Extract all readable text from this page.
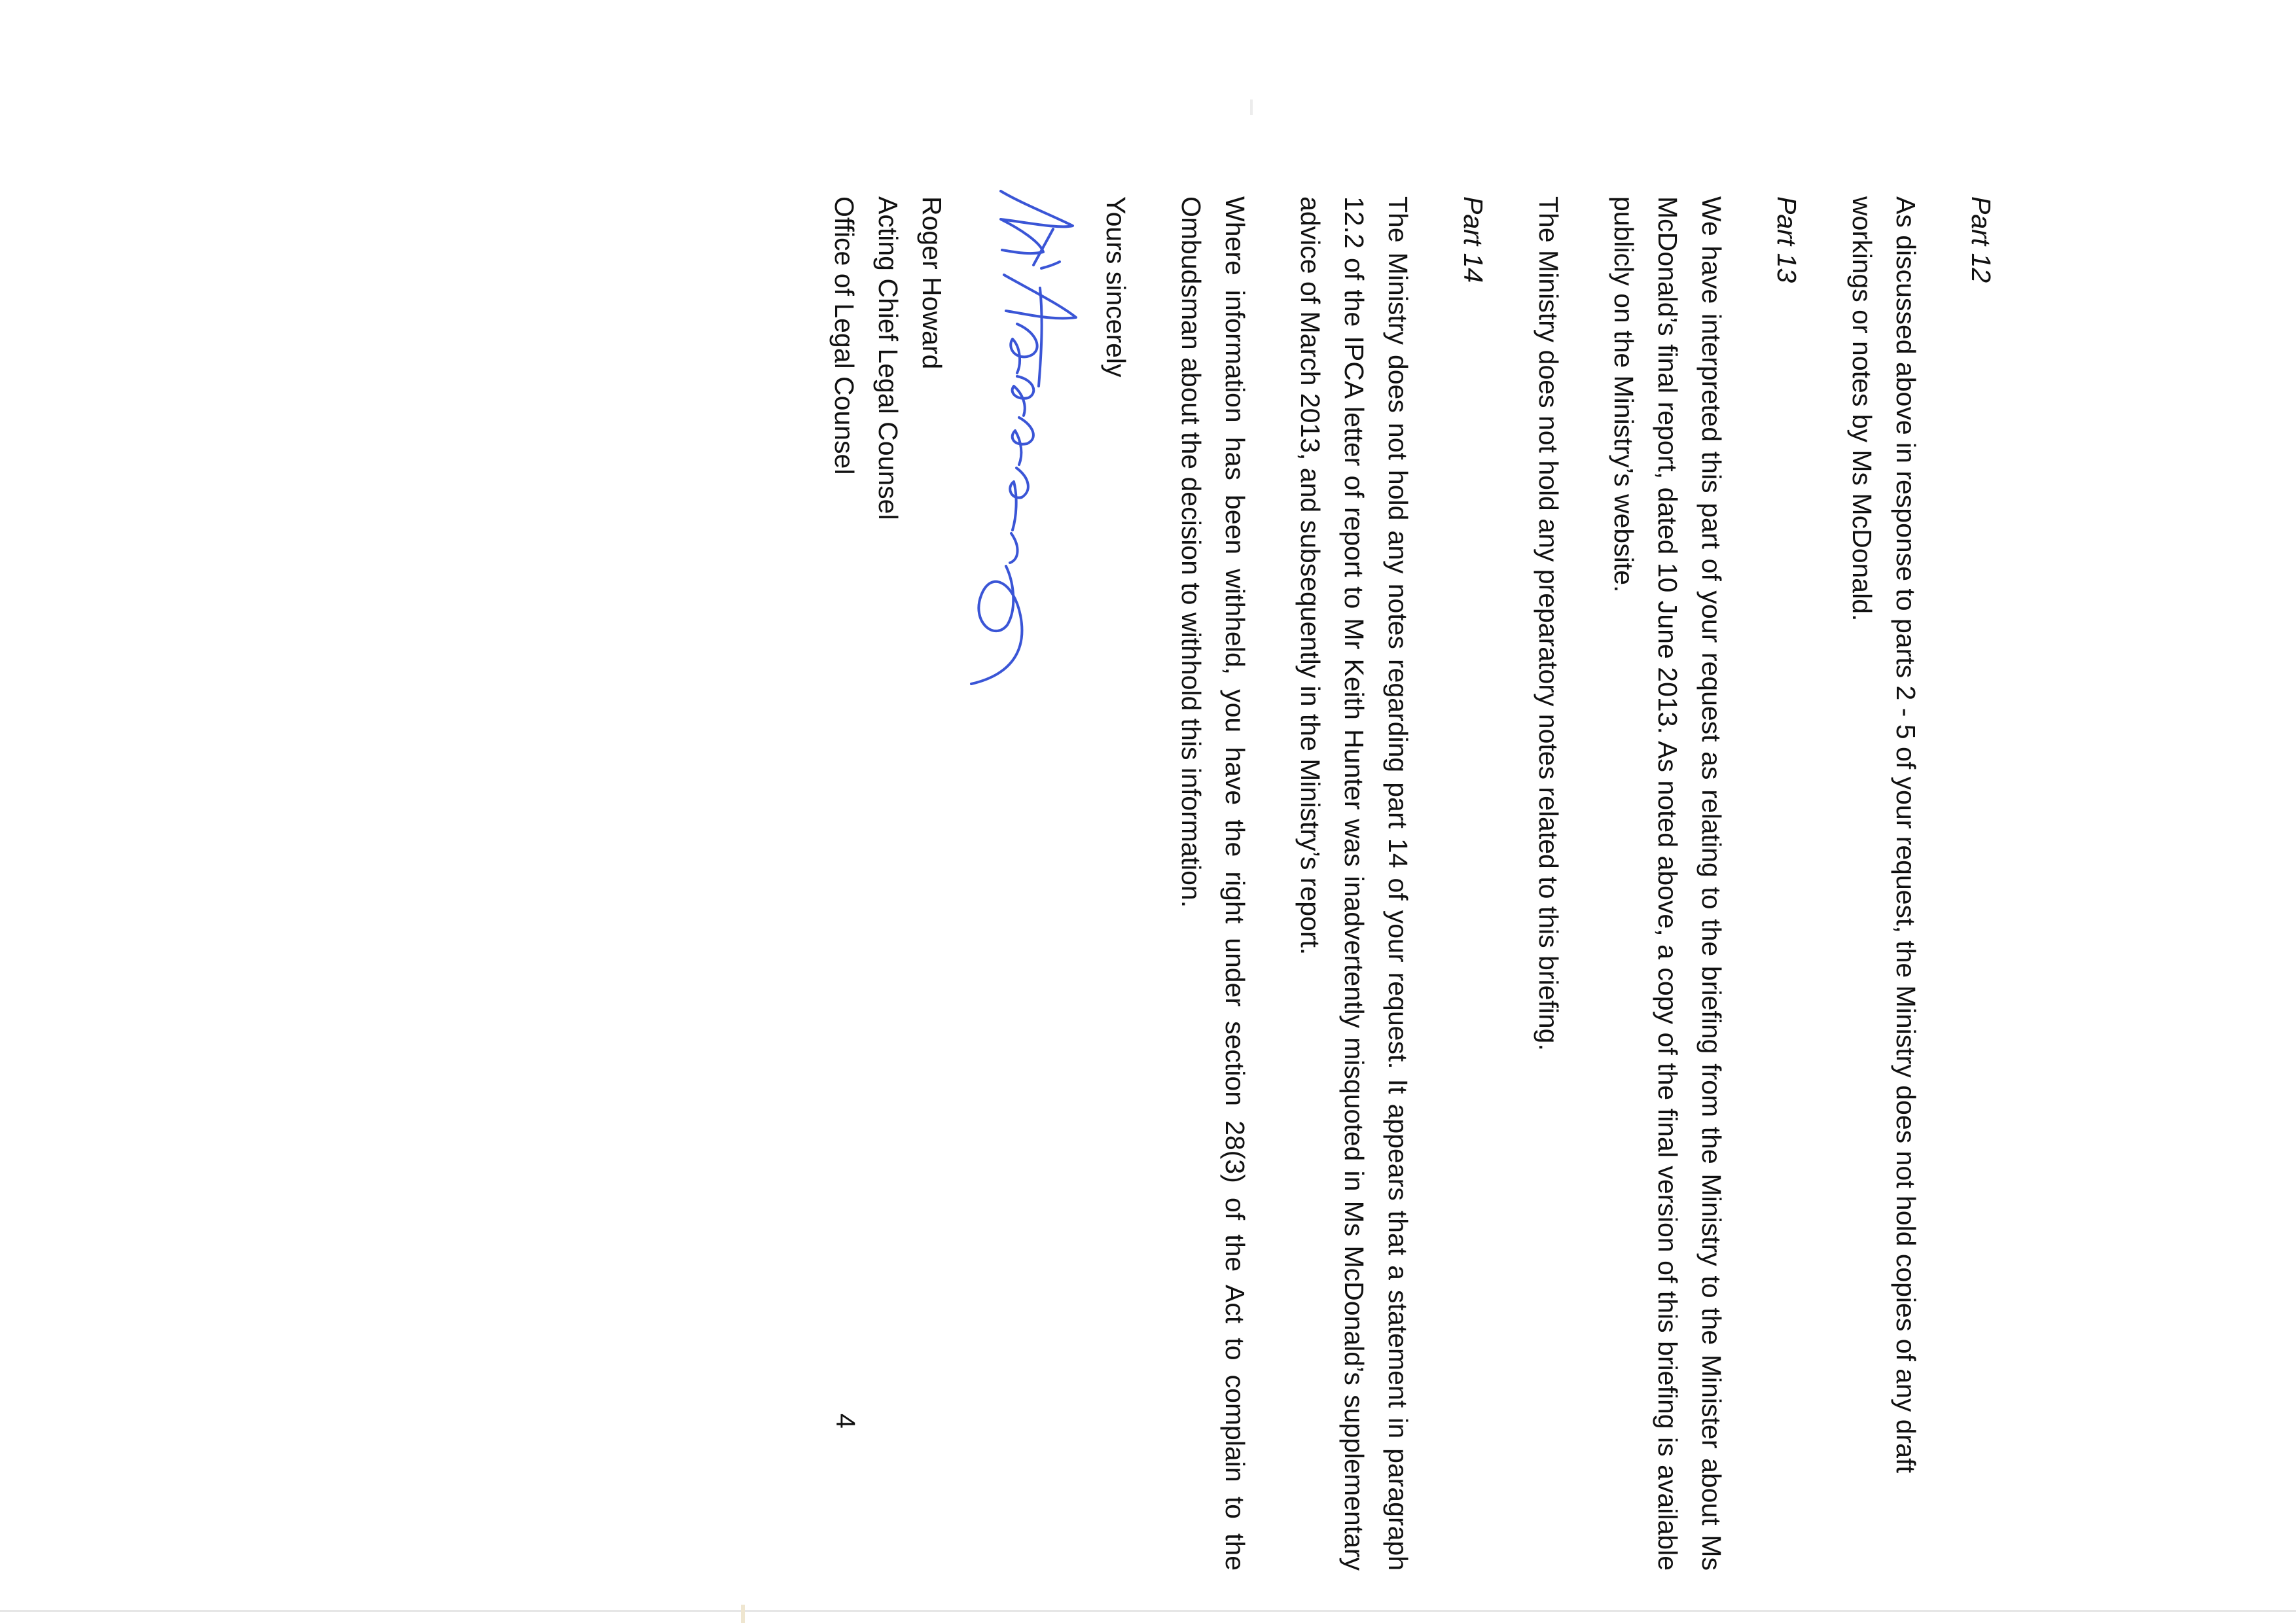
Part 12

As discussed above in response to parts 2 - 5 of your request, the Ministry does not hold copies of any draft workings or notes by Ms McDonald.

Part 13

We have interpreted this part of your request as relating to the briefing from the Ministry to the Minister about Ms McDonald’s final report, dated 10 June 2013. As noted above, a copy of the final version of this briefing is available publicly on the Ministry’s website.

The Ministry does not hold any preparatory notes related to this briefing.

Part 14

The Ministry does not hold any notes regarding part 14 of your request. It appears that a statement in paragraph 12.2 of the IPCA letter of report to Mr Keith Hunter was inadvertently misquoted in Ms McDonald’s supplementary advice of March 2013, and subsequently in the Ministry’s report.

Where information has been withheld, you have the right under section 28(3) of the Act to complain to the Ombudsman about the decision to withhold this information.

Yours sincerely

Roger Howard
Acting Chief Legal Counsel
Office of Legal Counsel
4
